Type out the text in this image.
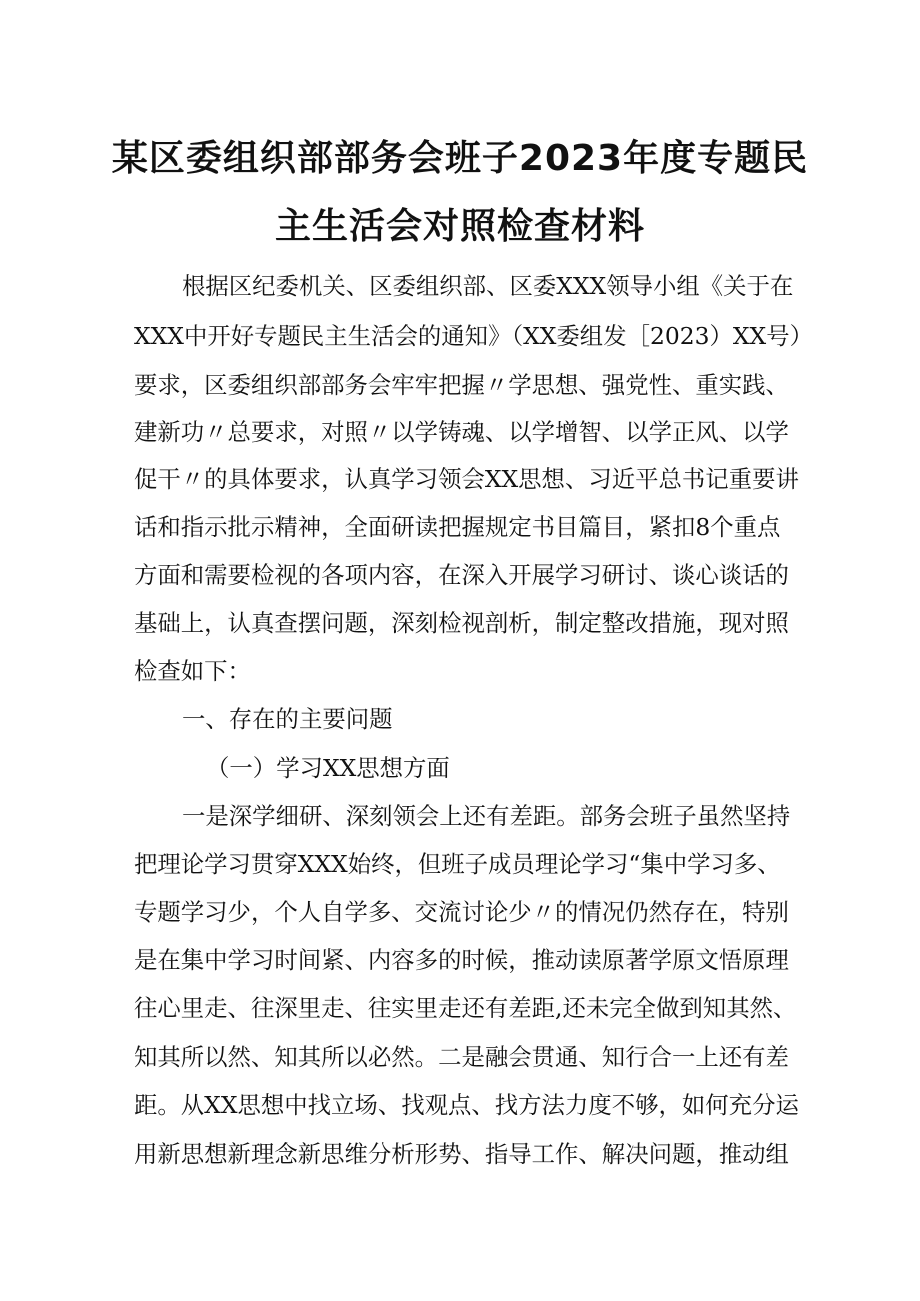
某区委组织部部务会班子2023年度专题民
主生活会对照检查材料
根据区纪委机关、区委组织部、区委XXX领导小组《关于在
XXX中开好专题民主生活会的通知》（XX委组发［2023）XX号）
要求，区委组织部部务会牢牢把握〃学思想、强党性、重实践、
建新功〃总要求，对照〃以学铸魂、以学增智、以学正风、以学
促干〃的具体要求，认真学习领会XX思想、习近平总书记重要讲
话和指示批示精神，全面研读把握规定书目篇目，紧扣8个重点
方面和需要检视的各项内容，在深入开展学习研讨、谈心谈话的
基础上，认真查摆问题，深刻检视剖析，制定整改措施，现对照
检查如下：
一、存在的主要问题
（一）学习XX思想方面
一是深学细研、深刻领会上还有差距。部务会班子虽然坚持
把理论学习贯穿XXX始终，但班子成员理论学习“集中学习多、
专题学习少，个人自学多、交流讨论少〃的情况仍然存在，特别
是在集中学习时间紧、内容多的时候，推动读原著学原文悟原理
往心里走、往深里走、往实里走还有差距,还未完全做到知其然、
知其所以然、知其所以必然。二是融会贯通、知行合一上还有差
距。从XX思想中找立场、找观点、找方法力度不够，如何充分运
用新思想新理念新思维分析形势、指导工作、解决问题，推动组
